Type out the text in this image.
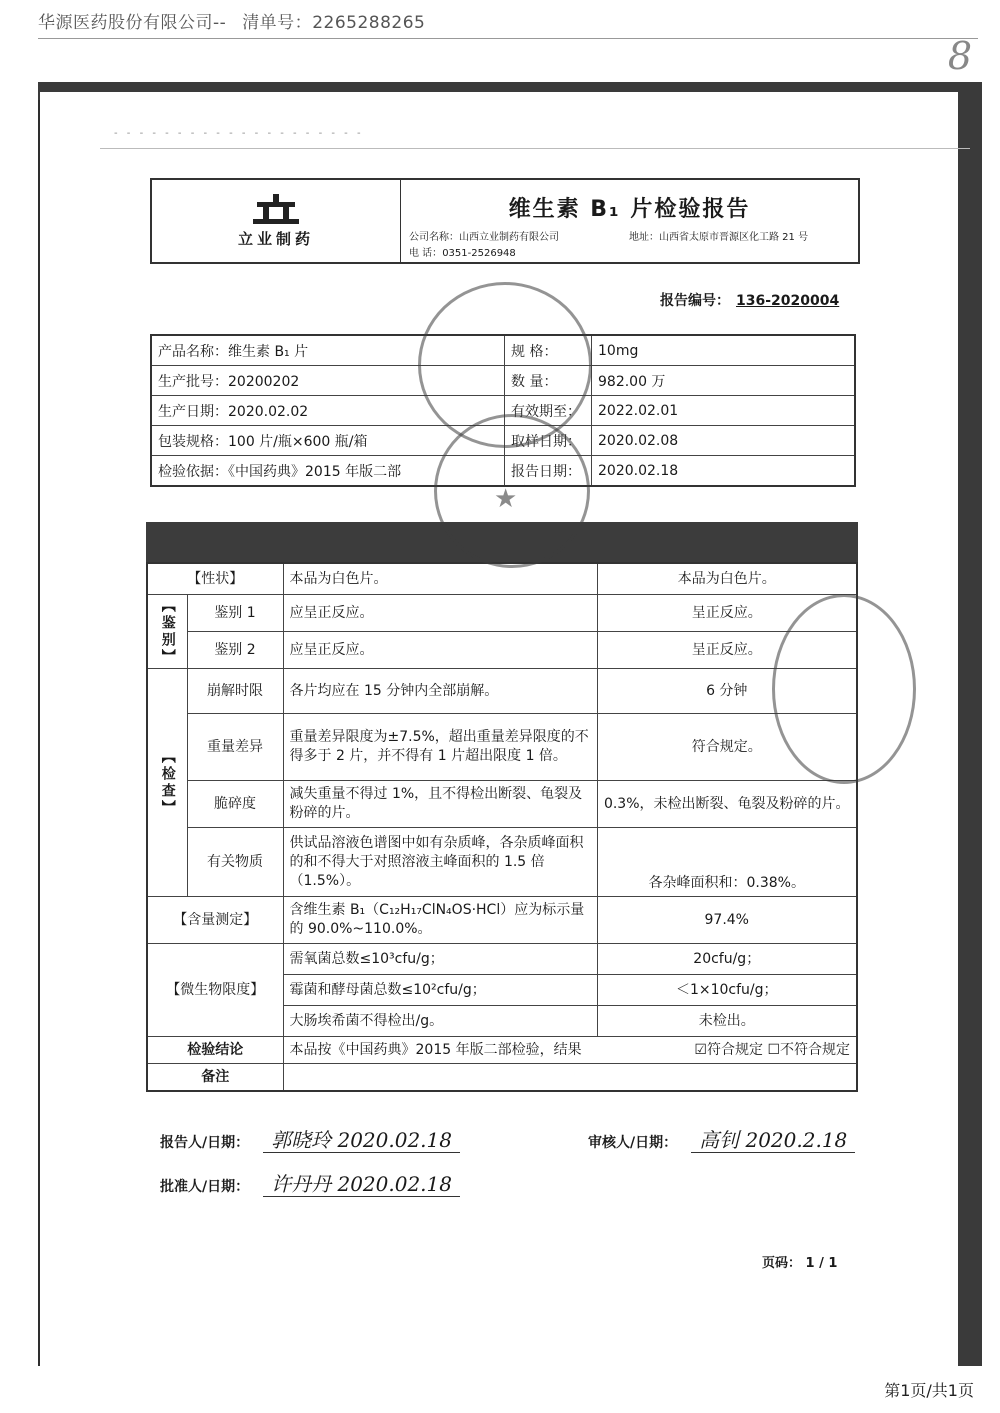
华源医药股份有限公司-- 清单号：2265288265
8
- - - - - - - - - - - - - - - - - - - -
立业制药
维生素 B₁ 片检验报告
公司名称：山西立业制药有限公司	地址：山西省太原市晋源区化工路 21 号
电 话：0351-2526948
报告编号： 136-2020004
产品名称：维生素 B₁ 片	规 格：	10mg
生产批号：20200202	数 量：	982.00 万
生产日期：2020.02.02	有效期至：	2022.02.01
包装规格：100 片/瓶×600 瓶/箱	取样日期：	2020.02.08
检验依据：《中国药典》2015 年版二部	报告日期：	2020.02.18
【性状】		本品为白色片。	本品为白色片。
【鉴别】	鉴别 1	应呈正反应。	呈正反应。
	鉴别 2	应呈正反应。	呈正反应。
【检查】	崩解时限	各片均应在 15 分钟内全部崩解。	6 分钟
	重量差异	重量差异限度为±7.5%，超出重量差异限度的不得多于 2 片，并不得有 1 片超出限度 1 倍。	符合规定。
	脆碎度	减失重量不得过 1%，且不得检出断裂、龟裂及粉碎的片。	0.3%，未检出断裂、龟裂及粉碎的片。
	有关物质	供试品溶液色谱图中如有杂质峰，各杂质峰面积的和不得大于对照溶液主峰面积的 1.5 倍（1.5%）。	各杂峰面积和：0.38%。
【含量测定】		含维生素 B₁（C₁₂H₁₇ClN₄OS·HCl）应为标示量的 90.0%~110.0%。	97.4%
【微生物限度】		需氧菌总数≤10³cfu/g；	20cfu/g；
		霉菌和酵母菌总数≤10²cfu/g；	＜1×10cfu/g；
		大肠埃希菌不得检出/g。	未检出。
检验结论		本品按《中国药典》2015 年版二部检验，结果 ☑符合规定 ☐不符合规定	

备注			
★
报告人/日期： 郭晓玲 2020.02.18	审核人/日期： 高钊 2020.2.18
批准人/日期： 许丹丹 2020.02.18
页码： 1 / 1
第1页/共1页
